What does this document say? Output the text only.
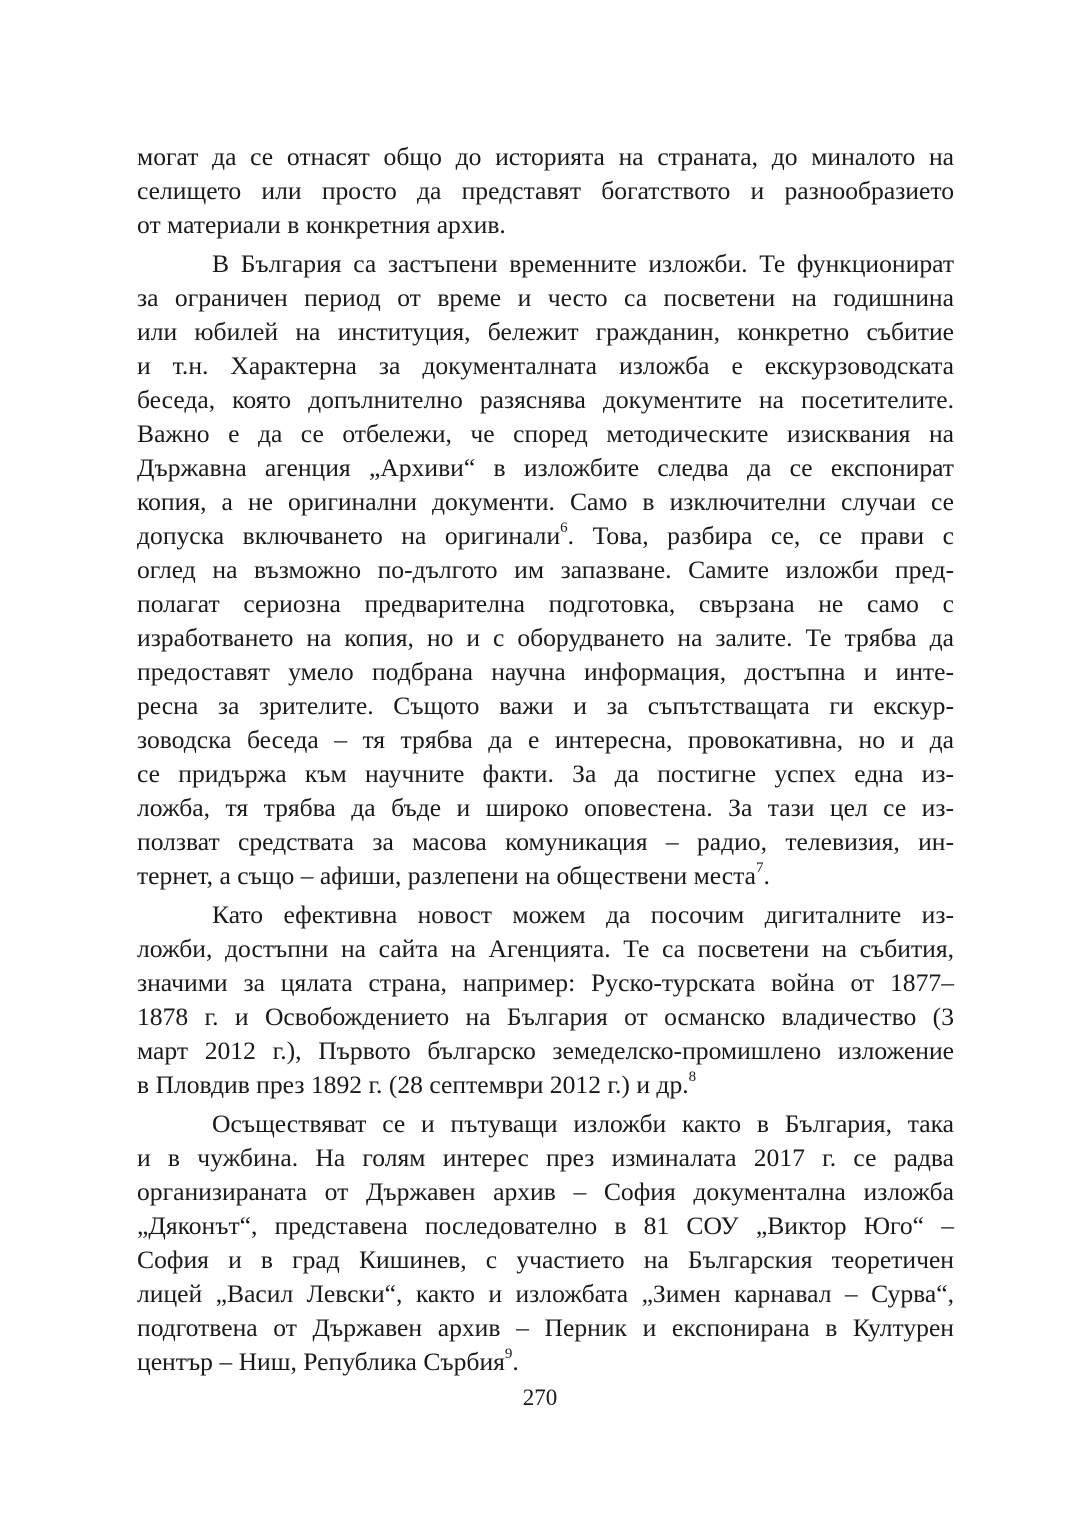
могат да се отнасят общо до историята на страната, до миналото на
селището или просто да представят богатството и разнообразието
от материали в конкретния архив.
В България са застъпени временните изложби. Те функционират
за ограничен период от време и често са посветени на годишнина
или юбилей на институция, бележит гражданин, конкретно събитие
и т.н. Характерна за документалната изложба е екскурзоводската
беседа, която допълнително разяснява документите на посетителите.
Важно е да се отбележи, че според методическите изисквания на
Държавна агенция „Архиви“ в изложбите следва да се експонират
копия, а не оригинални документи. Само в изключителни случаи се
допуска включването на оригинали$^6$. Това, разбира се, се прави с
оглед на възможно по-дългото им запазване. Самите изложби пред-
полагат сериозна предварителна подготовка, свързана не само с
изработването на копия, но и с оборудването на залите. Те трябва да
предоставят умело подбрана научна информация, достъпна и инте-
ресна за зрителите. Същото важи и за съпътстващата ги екскур-
зоводска беседа – тя трябва да е интересна, провокативна, но и да
се придържа към научните факти. За да постигне успех една из-
ложба, тя трябва да бъде и широко оповестена. За тази цел се из-
ползват средствата за масова комуникация – радио, телевизия, ин-
тернет, а също – афиши, разлепени на обществени места$^7$.
Като ефективна новост можем да посочим дигиталните из-
ложби, достъпни на сайта на Агенцията. Те са посветени на събития,
значими за цялата страна, например: Руско-турската война от 1877–
1878 г. и Освобождението на България от османско владичество (3
март 2012 г.), Първото българско земеделско-промишлено изложение
в Пловдив през 1892 г. (28 септември 2012 г.) и др.$^8$
Осъществяват се и пътуващи изложби както в България, така
и в чужбина. На голям интерес през изминалата 2017 г. се радва
организираната от Държавен архив – София документална изложба
„Дяконът“, представена последователно в 81 СОУ „Виктор Юго“ –
София и в град Кишинев, с участието на Българския теоретичен
лицей „Васил Левски“, както и изложбата „Зимен карнавал – Сурва“,
подготвена от Държавен архив – Перник и експонирана в Културен
център – Ниш, Република Сърбия$^9$.
270
